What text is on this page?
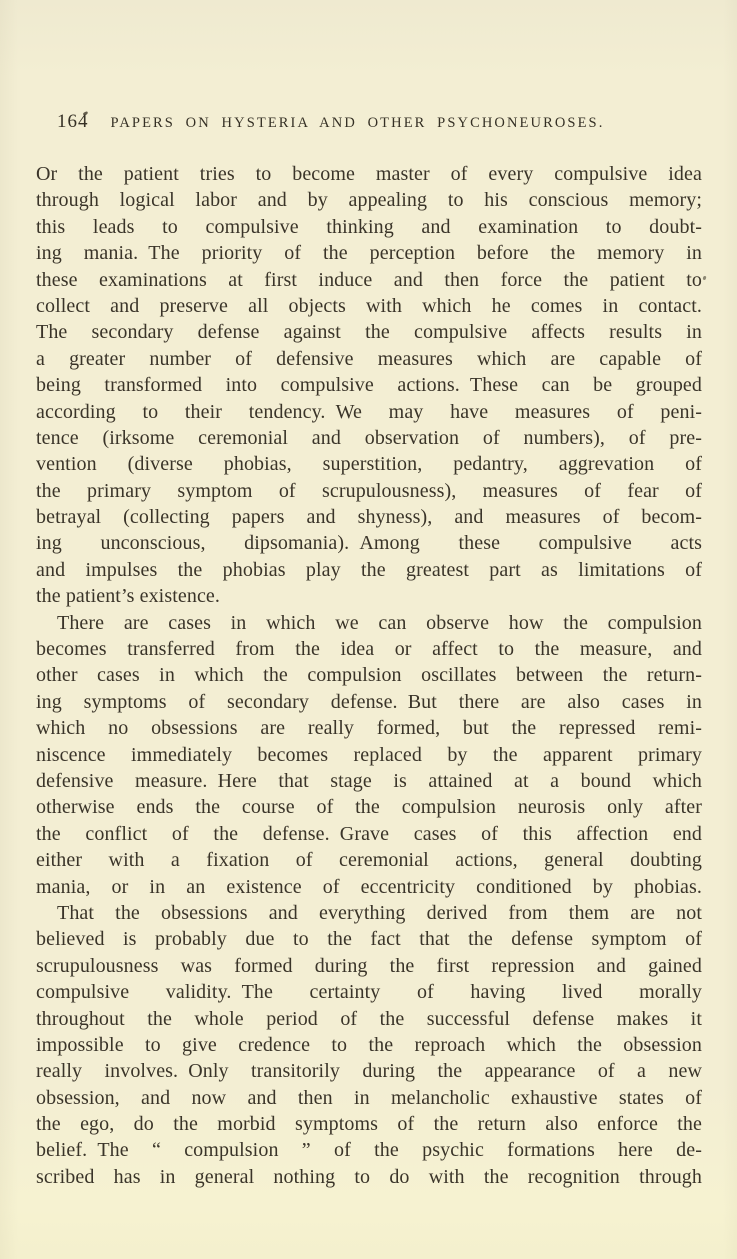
164 PAPERS ON HYSTERIA AND OTHER PSYCHONEUROSES.
Or the patient tries to become master of every compulsive idea
through logical labor and by appealing to his conscious memory;
this leads to compulsive thinking and examination to doubt-
ing mania. The priority of the perception before the memory in
these examinations at first induce and then force the patient to
collect and preserve all objects with which he comes in contact.
The secondary defense against the compulsive affects results in
a greater number of defensive measures which are capable of
being transformed into compulsive actions. These can be grouped
according to their tendency. We may have measures of peni-
tence (irksome ceremonial and observation of numbers), of pre-
vention (diverse phobias, superstition, pedantry, aggrevation of
the primary symptom of scrupulousness), measures of fear of
betrayal (collecting papers and shyness), and measures of becom-
ing unconscious, dipsomania). Among these compulsive acts
and impulses the phobias play the greatest part as limitations of
the patient’s existence.
There are cases in which we can observe how the compulsion
becomes transferred from the idea or affect to the measure, and
other cases in which the compulsion oscillates between the return-
ing symptoms of secondary defense. But there are also cases in
which no obsessions are really formed, but the repressed remi-
niscence immediately becomes replaced by the apparent primary
defensive measure. Here that stage is attained at a bound which
otherwise ends the course of the compulsion neurosis only after
the conflict of the defense. Grave cases of this affection end
either with a fixation of ceremonial actions, general doubting
mania, or in an existence of eccentricity conditioned by phobias.
That the obsessions and everything derived from them are not
believed is probably due to the fact that the defense symptom of
scrupulousness was formed during the first repression and gained
compulsive validity. The certainty of having lived morally
throughout the whole period of the successful defense makes it
impossible to give credence to the reproach which the obsession
really involves. Only transitorily during the appearance of a new
obsession, and now and then in melancholic exhaustive states of
the ego, do the morbid symptoms of the return also enforce the
belief. The “ compulsion ” of the psychic formations here de-
scribed has in general nothing to do with the recognition through
